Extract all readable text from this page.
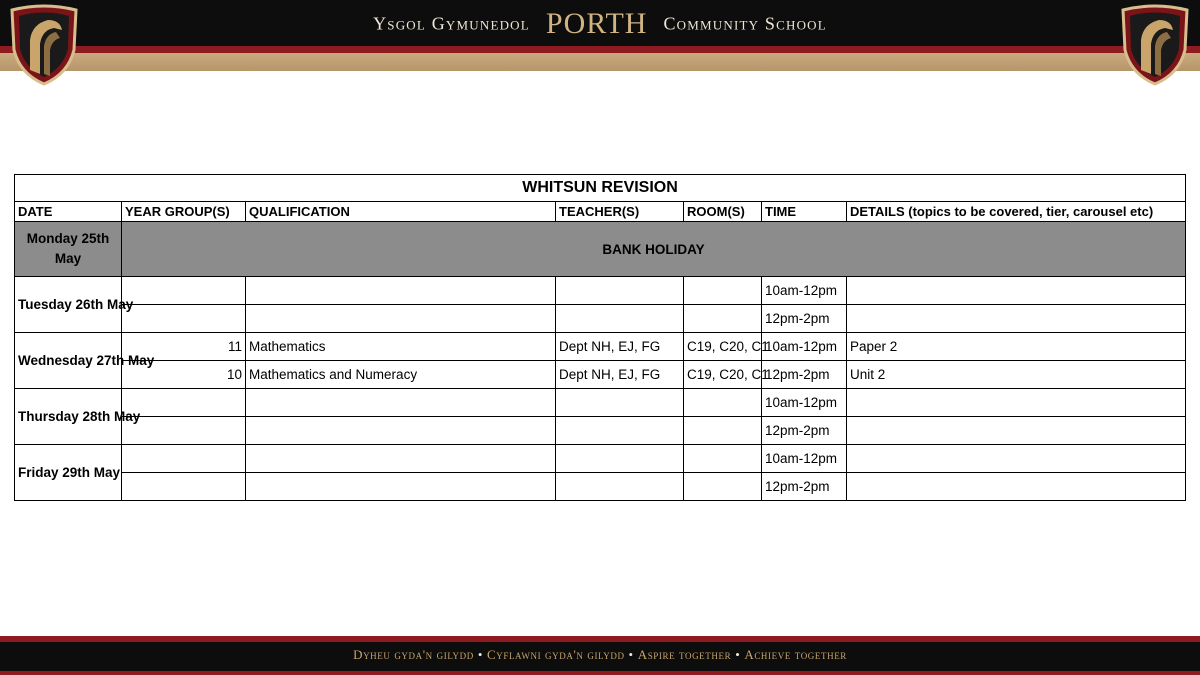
Ysgol Gymunedol PORTH Community School
WHITSUN REVISION						
DATE	YEAR GROUP(S)	QUALIFICATION	TEACHER(S)	ROOM(S)	TIME	DETAILS (topics to be covered, tier, carousel etc)
Monday 25th May	BANK HOLIDAY					
Tuesday 26th May					10am-12pm	
					12pm-2pm	
Wednesday 27th May	11	Mathematics	Dept NH, EJ, FG	C19, C20, C1	10am-12pm	Paper 2
	10	Mathematics and Numeracy	Dept NH, EJ, FG	C19, C20, C1	12pm-2pm	Unit 2
Thursday 28th May					10am-12pm	
					12pm-2pm	
Friday 29th May					10am-12pm	
					12pm-2pm	
Dyheu gyda'n gilydd • Cyflawni gyda'n gilydd • Aspire together • Achieve together
